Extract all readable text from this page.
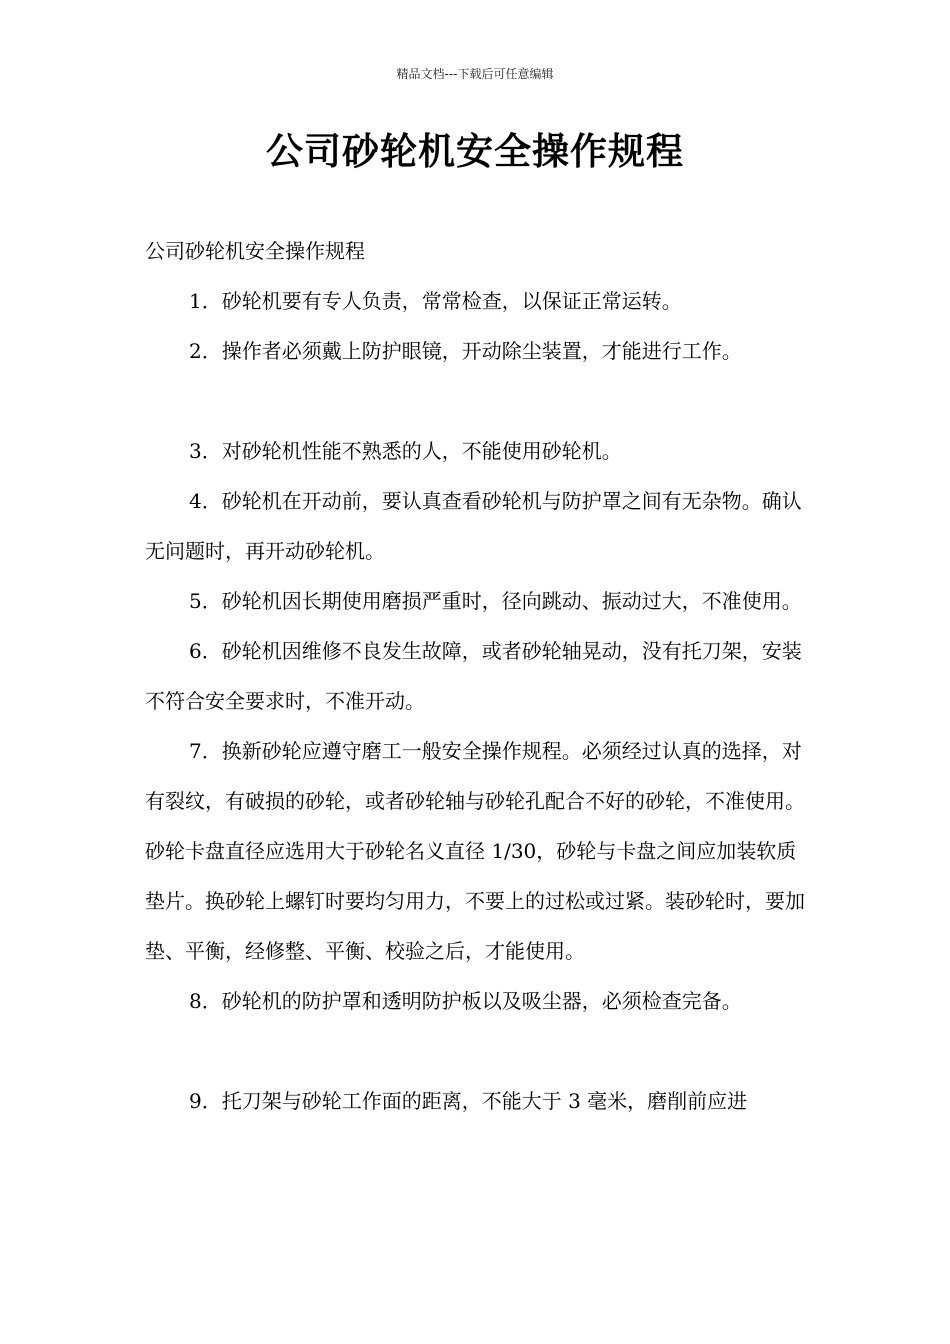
精品文档---下载后可任意编辑
公司砂轮机安全操作规程

公司砂轮机安全操作规程

1．砂轮机要有专人负责，常常检查，以保证正常运转。

2．操作者必须戴上防护眼镜，开动除尘装置，才能进行工作。

3．对砂轮机性能不熟悉的人，不能使用砂轮机。

4．砂轮机在开动前，要认真查看砂轮机与防护罩之间有无杂物。确认无问题时，再开动砂轮机。

5．砂轮机因长期使用磨损严重时，径向跳动、振动过大，不准使用。

6．砂轮机因维修不良发生故障，或者砂轮轴晃动，没有托刀架，安装不符合安全要求时，不准开动。

7．换新砂轮应遵守磨工一般安全操作规程。必须经过认真的选择，对有裂纹，有破损的砂轮，或者砂轮轴与砂轮孔配合不好的砂轮，不准使用。砂轮卡盘直径应选用大于砂轮名义直径 1/30，砂轮与卡盘之间应加装软质垫片。换砂轮上螺钉时要均匀用力，不要上的过松或过紧。装砂轮时，要加垫、平衡，经修整、平衡、校验之后，才能使用。

8．砂轮机的防护罩和透明防护板以及吸尘器，必须检查完备。

9．托刀架与砂轮工作面的距离，不能大于 3 毫米，磨削前应进
